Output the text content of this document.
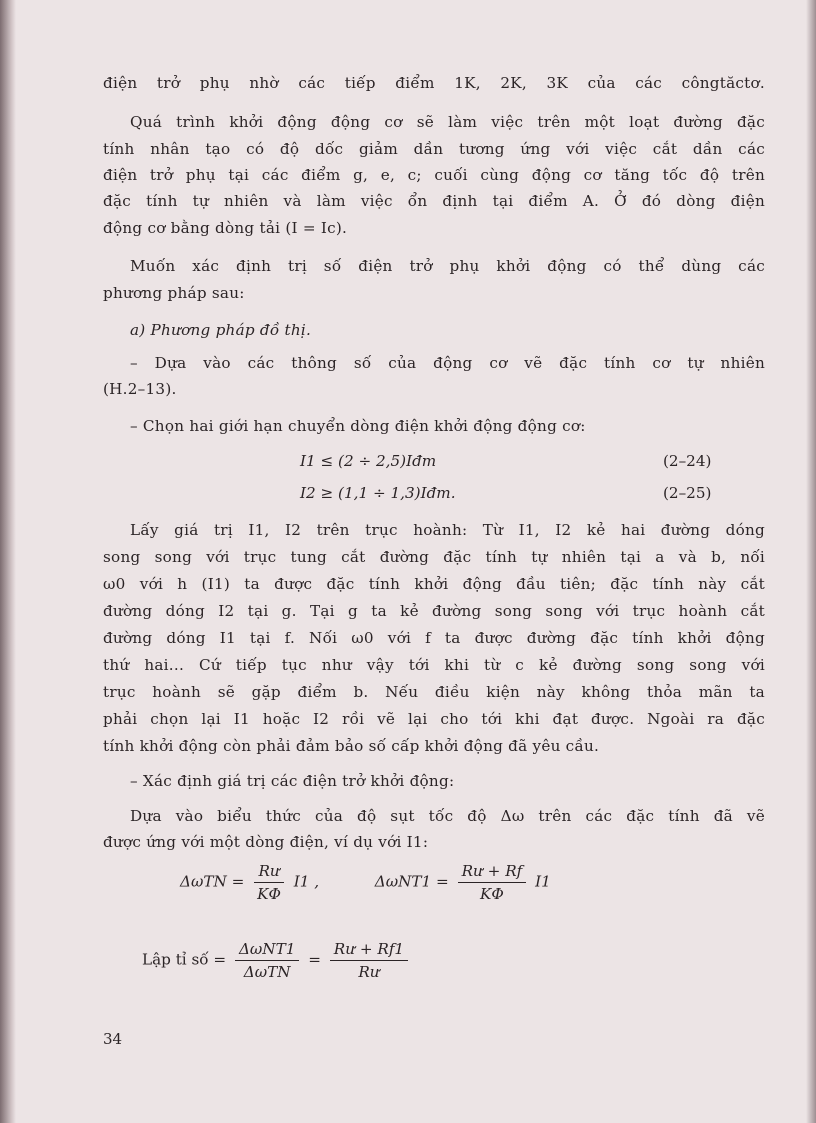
điện trở phụ nhờ các tiếp điểm 1K, 2K, 3K của các côngtăctơ.
Quá trình khởi động động cơ sẽ làm việc trên một loạt đường đặc
tính nhân tạo có độ dốc giảm dần tương ứng với việc cắt dần các
điện trở phụ tại các điểm g, e, c; cuối cùng động cơ tăng tốc độ trên
đặc tính tự nhiên và làm việc ổn định tại điểm A. Ở đó dòng điện
động cơ bằng dòng tải (I = Ic).
Muốn xác định trị số điện trở phụ khởi động có thể dùng các
phương pháp sau:
a) Phương pháp đồ thị.
– Dựa vào các thông số của động cơ vẽ đặc tính cơ tự nhiên
(H.2–13).
– Chọn hai giới hạn chuyển dòng điện khởi động động cơ:
I1 ≤ (2 ÷ 2,5)Iđm	(2–24)
I2 ≥ (1,1 ÷ 1,3)Iđm.	(2–25)
Lấy giá trị I1, I2 trên trục hoành: Từ I1, I2 kẻ hai đường dóng
song song với trục tung cắt đường đặc tính tự nhiên tại a và b, nối
ω0 với h (I1) ta được đặc tính khởi động đầu tiên; đặc tính này cắt
đường dóng I2 tại g. Tại g ta kẻ đường song song với trục hoành cắt
đường dóng I1 tại f. Nối ω0 với f ta được đường đặc tính khởi động
thứ hai... Cứ tiếp tục như vậy tới khi từ c kẻ đường song song với
trục hoành sẽ gặp điểm b. Nếu điều kiện này không thỏa mãn ta
phải chọn lại I1 hoặc I2 rồi vẽ lại cho tới khi đạt được. Ngoài ra đặc
tính khởi động còn phải đảm bảo số cấp khởi động đã yêu cầu.
– Xác định giá trị các điện trở khởi động:
Dựa vào biểu thức của độ sụt tốc độ Δω trên các đặc tính đã vẽ
được ứng với một dòng điện, ví dụ với I1:
$\Delta\omega TN = \frac{Rư}{K\Phi} I1$ ,	$\Delta\omega NT1 = \frac{Rư + Rf}{K\Phi} I1$
Lập tỉ số = $\frac{\text{ΔωNT1}}{\text{ΔωTN}} = \frac{Rư + Rf1}{Rư}$
34
